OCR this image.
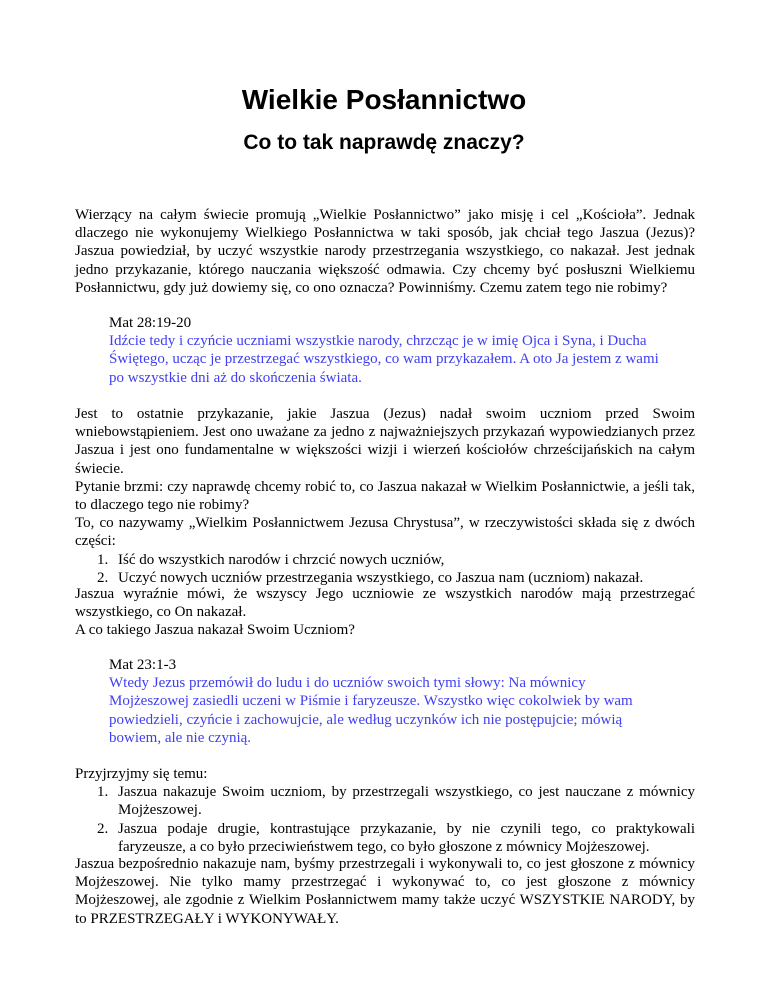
Wielkie Posłannictwo
Co to tak naprawdę znaczy?

Wierzący na całym świecie promują „Wielkie Posłannictwo” jako misję i cel „Kościoła”. Jednak dlaczego nie wykonujemy Wielkiego Posłannictwa w taki sposób, jak chciał tego Jaszua (Jezus)? Jaszua powiedział, by uczyć wszystkie narody przestrzegania wszystkiego, co nakazał. Jest jednak jedno przykazanie, którego nauczania większość odmawia. Czy chcemy być posłuszni Wielkiemu Posłannictwu, gdy już dowiemy się, co ono oznacza? Powinniśmy. Czemu zatem tego nie robimy?

Mat 28:19-20
Idźcie tedy i czyńcie uczniami wszystkie narody, chrzcząc je w imię Ojca i Syna, i Ducha Świętego, ucząc je przestrzegać wszystkiego, co wam przykazałem. A oto Ja jestem z wami po wszystkie dni aż do skończenia świata.

Jest to ostatnie przykazanie, jakie Jaszua (Jezus) nadał swoim uczniom przed Swoim wniebowstąpieniem. Jest ono uważane za jedno z najważniejszych przykazań wypowiedzianych przez Jaszua i jest ono fundamentalne w większości wizji i wierzeń kościołów chrześcijańskich na całym świecie.

Pytanie brzmi: czy naprawdę chcemy robić to, co Jaszua nakazał w Wielkim Posłannictwie, a jeśli tak, to dlaczego tego nie robimy?

To, co nazywamy „Wielkim Posłannictwem Jezusa Chrystusa”, w rzeczywistości składa się z dwóch części:

1. Iść do wszystkich narodów i chrzcić nowych uczniów,
2. Uczyć nowych uczniów przestrzegania wszystkiego, co Jaszua nam (uczniom) nakazał.

Jaszua wyraźnie mówi, że wszyscy Jego uczniowie ze wszystkich narodów mają przestrzegać wszystkiego, co On nakazał.

A co takiego Jaszua nakazał Swoim Uczniom?

Mat 23:1-3
Wtedy Jezus przemówił do ludu i do uczniów swoich tymi słowy: Na mównicy Mojżeszowej zasiedli uczeni w Piśmie i faryzeusze. Wszystko więc cokolwiek by wam powiedzieli, czyńcie i zachowujcie, ale według uczynków ich nie postępujcie; mówią bowiem, ale nie czynią.

Przyjrzyjmy się temu:

1. Jaszua nakazuje Swoim uczniom, by przestrzegali wszystkiego, co jest nauczane z mównicy Mojżeszowej.
2. Jaszua podaje drugie, kontrastujące przykazanie, by nie czynili tego, co praktykowali faryzeusze, a co było przeciwieństwem tego, co było głoszone z mównicy Mojżeszowej.

Jaszua bezpośrednio nakazuje nam, byśmy przestrzegali i wykonywali to, co jest głoszone z mównicy Mojżeszowej. Nie tylko mamy przestrzegać i wykonywać to, co jest głoszone z mównicy Mojżeszowej, ale zgodnie z Wielkim Posłannictwem mamy także uczyć WSZYSTKIE NARODY, by to PRZESTRZEGAŁY i WYKONYWAŁY.
